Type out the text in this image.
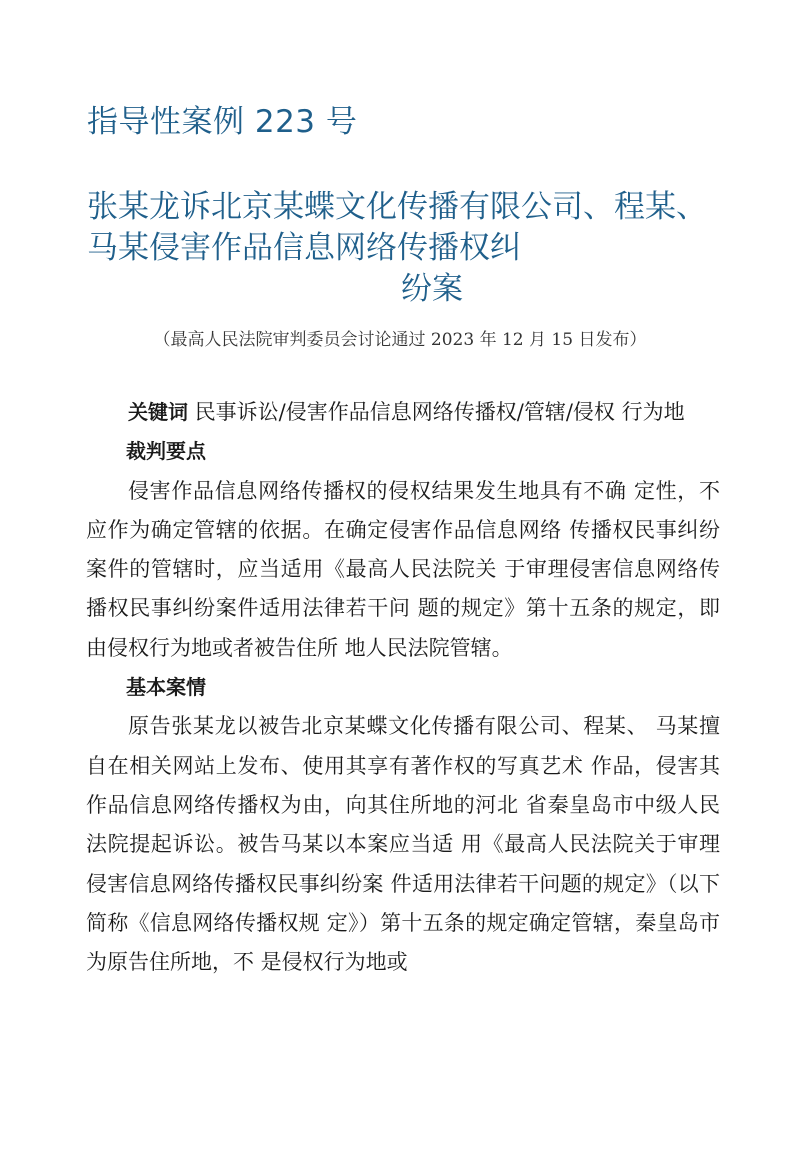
指导性案例 223 号
张某龙诉北京某蝶文化传播有限公司、程某、
马某侵害作品信息网络传播权纠
纷案
（最高人民法院审判委员会讨论通过 2023 年 12 月 15 日发布）

关键词 民事诉讼/侵害作品信息网络传播权/管辖/侵权 行为地

裁判要点

侵害作品信息网络传播权的侵权结果发生地具有不确 定性，不应作为确定管辖的依据。在确定侵害作品信息网络 传播权民事纠纷案件的管辖时，应当适用《最高人民法院关 于审理侵害信息网络传播权民事纠纷案件适用法律若干问 题的规定》第十五条的规定，即由侵权行为地或者被告住所 地人民法院管辖。

基本案情

原告张某龙以被告北京某蝶文化传播有限公司、程某、 马某擅自在相关网站上发布、使用其享有著作权的写真艺术 作品，侵害其作品信息网络传播权为由，向其住所地的河北 省秦皇岛市中级人民法院提起诉讼。被告马某以本案应当适 用《最高人民法院关于审理侵害信息网络传播权民事纠纷案 件适用法律若干问题的规定》（以下简称《信息网络传播权规 定》）第十五条的规定确定管辖，秦皇岛市为原告住所地，不 是侵权行为地或
